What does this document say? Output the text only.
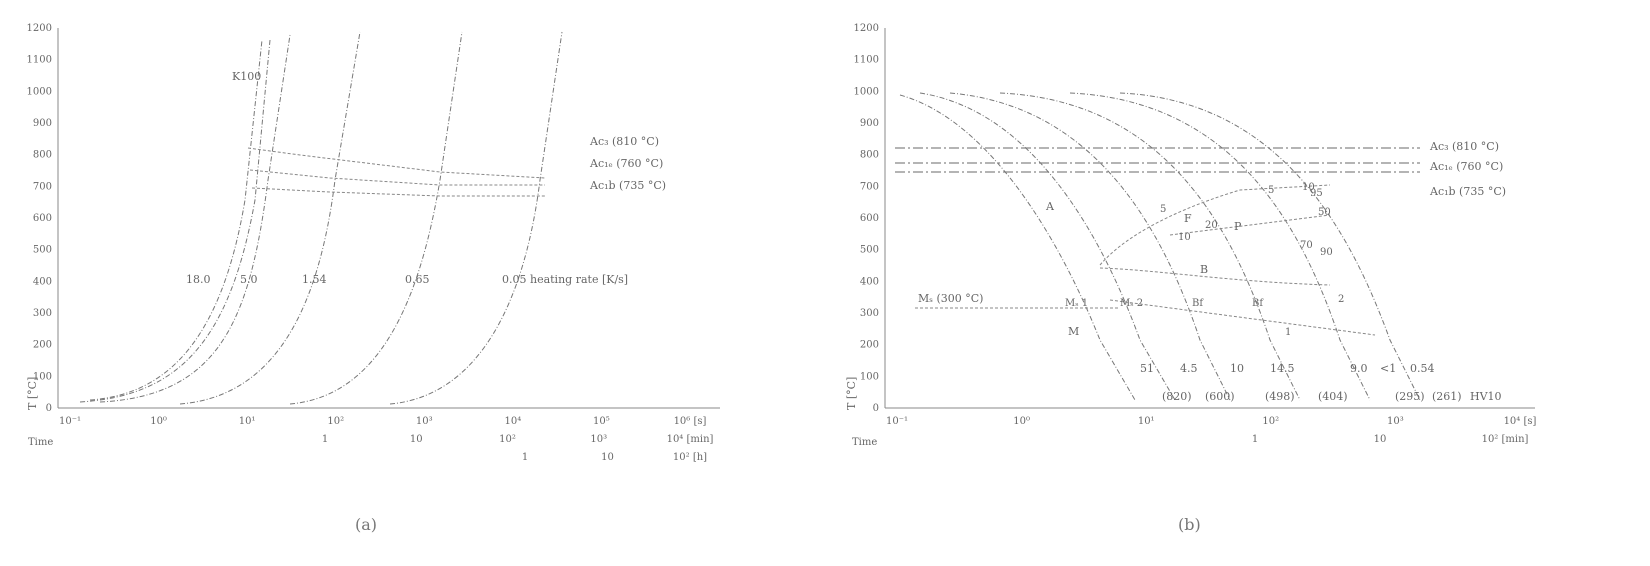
0
100
200
300
400
500
600
700
800
900
1000
1100
1200
T [°C]
10⁻¹	10⁰	10¹	10²	10³	10⁴	10⁵	10⁶ [s]
1	10	10²	10³	10⁴ [min]
1	10	10² [h]
Time
K100
18.0	5.0	1.54	0.65	0.05 heating rate [K/s]
Ac₃ (810 °C)
Ac₁ₑ (760 °C)
Ac₁b (735 °C)
(a)
0
100
200
300
400
500
600
700
800
900
1000
1100
1200
T [°C]
10⁻¹	10⁰	10¹	10²	10³	10⁴ [s]
1	10	10² [min]
Time
Ac₃ (810 °C)
Ac₁ₑ (760 °C)
Ac₁b (735 °C)
Mₛ (300 °C)
A
F
P
B
M
Mₛ 1	Mₛ 2	Bf	Bf
5
10
20
5	10
50
70
90
1
2
95
51 4.5	10 14.5	9.0 <1 0.54
(820) (600)	(498) (404)	(295) (261) HV10
(b)
